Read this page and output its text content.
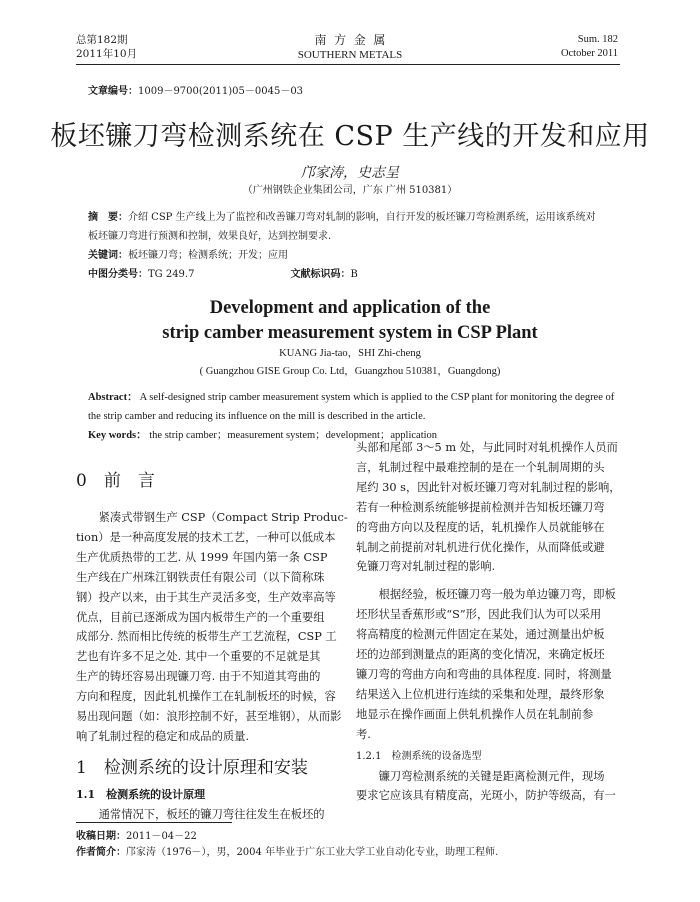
总第182期
2011年10月
南  方  金  属
SOUTHERN METALS
Sum. 182
October 2011
文章编号：1009－9700(2011)05－0045－03
板坯镰刀弯检测系统在 CSP 生产线的开发和应用
邝家涛，史志呈
（广州钢铁企业集团公司，广东 广州 510381）
摘　要：介绍 CSP 生产线上为了监控和改善镰刀弯对轧制的影响，自行开发的板坯镰刀弯检测系统，运用该系统对
板坯镰刀弯进行预测和控制，效果良好，达到控制要求.
关键词：板坯镰刀弯；检测系统；开发；应用
中图分类号：TG 249.7	文献标识码：B
Development and application of the
strip camber measurement system in CSP Plant
KUANG Jia-tao，SHI Zhi-cheng
( Guangzhou GISE Group Co. Ltd，Guangzhou 510381，Guangdong)
Abstract： A self-designed strip camber measurement system which is applied to the CSP plant for monitoring the degree of
the strip camber and reducing its influence on the mill is described in the article.
Key words： the strip camber；measurement system；development；application
0　前　言

紧凑式带钢生产 CSP（Compact Strip Produc-

tion）是一种高度发展的技术工艺，一种可以低成本

生产优质热带的工艺. 从 1999 年国内第一条 CSP

生产线在广州珠江钢铁责任有限公司（以下简称珠

钢）投产以来，由于其生产灵活多变，生产效率高等

优点，目前已逐渐成为国内板带生产的一个重要组

成部分. 然而相比传统的板带生产工艺流程，CSP 工

艺也有许多不足之处. 其中一个重要的不足就是其

生产的铸坯容易出现镰刀弯. 由于不知道其弯曲的

方向和程度，因此轧机操作工在轧制板坯的时候，容

易出现问题（如：浪形控制不好，甚至堆钢），从而影

响了轧制过程的稳定和成品的质量.

1　检测系统的设计原理和安装
1.1　检测系统的设计原理

通常情况下，板坯的镰刀弯往往发生在板坯的

头部和尾部 3～5 m 处，与此同时对轧机操作人员而

言，轧制过程中最难控制的是在一个轧制周期的头

尾约 30 s，因此针对板坯镰刀弯对轧制过程的影响，

若有一种检测系统能够提前检测并告知板坯镰刀弯

的弯曲方向以及程度的话，轧机操作人员就能够在

轧制之前提前对轧机进行优化操作，从而降低或避

免镰刀弯对轧制过程的影响.

根据经验，板坯镰刀弯一般为单边镰刀弯，即板

坯形状呈香蕉形或“S”形，因此我们认为可以采用

将高精度的检测元件固定在某处，通过测量出炉板

坯的边部到测量点的距离的变化情况，来确定板坯

镰刀弯的弯曲方向和弯曲的具体程度. 同时，将测量

结果送入上位机进行连续的采集和处理，最终形象

地显示在操作画面上供轧机操作人员在轧制前参

考.

1.2.1　检测系统的设备选型

镰刀弯检测系统的关键是距离检测元件，现场

要求它应该具有精度高，光斑小，防护等级高，有一

收稿日期：2011－04－22
作者简介：邝家涛（1976－），男，2004 年毕业于广东工业大学工业自动化专业，助理工程师.
